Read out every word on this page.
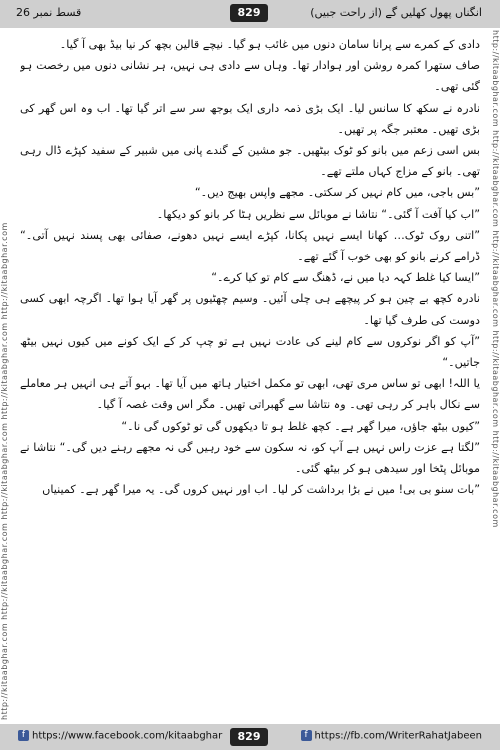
قسط نمبر 26	829	انگناں پھول کھلیں گے (از راحت جبیں)
http://kitaabghar.com http://kitaabghar.com http://kitaabghar.com http://kitaabghar.com http://kitaabghar.com	http://kitaabghar.com http://kitaabghar.com http://kitaabghar.com http://kitaabghar.com http://kitaabghar.com

دادی کے کمرے سے پرانا سامان دنوں میں غائب ہو گیا۔ نیچے قالین بچھ کر نیا بیڈ بھی آ گیا۔

صاف ستھرا کمرہ روشن اور ہوادار تھا۔ وہاں سے دادی ہی نہیں، ہر نشانی دنوں میں رخصت ہو گئی تھی۔

نادرہ نے سکھ کا سانس لیا۔ ایک بڑی ذمہ داری ایک بوجھ سر سے اتر گیا تھا۔ اب وہ اس گھر کی بڑی تھیں۔ معتبر جگہ پر تھیں۔

بس اسی زعم میں بانو کو ٹوک بیٹھیں۔ جو مشین کے گندے پانی میں شبیر کے سفید کپڑے ڈال رہی تھی۔ بانو کے مزاج کہاں ملتے تھے۔

”بس باجی، میں کام نہیں کر سکتی۔ مجھے واپس بھیج دیں۔“

”اب کیا آفت آ گئی۔“ نتاشا نے موبائل سے نظریں ہٹا کر بانو کو دیکھا۔

”اتنی روک ٹوک… کھانا ایسے نہیں پکانا، کپڑے ایسے نہیں دھونے، صفائی بھی پسند نہیں آتی۔“ ڈرامے کرنے بانو کو بھی خوب آ گئے تھے۔

”ایسا کیا غلط کہہ دیا میں نے، ڈھنگ سے کام تو کیا کرے۔“

نادرہ کچھ بے چین ہو کر پیچھے ہی چلی آئیں۔ وسیم چھٹیوں پر گھر آیا ہوا تھا۔ اگرچہ ابھی کسی دوست کی طرف گیا تھا۔

”آپ کو اگر نوکروں سے کام لینے کی عادت نہیں ہے تو چپ کر کے ایک کونے میں کیوں نہیں بیٹھ جاتیں۔“

یا اللہ! ابھی تو ساس مری تھی، ابھی تو مکمل اختیار ہاتھ میں آیا تھا۔ بہو آتے ہی انہیں ہر معاملے سے نکال باہر کر رہی تھی۔ وہ نتاشا سے گھبراتی تھیں۔ مگر اس وقت غصہ آ گیا۔

”کیوں بیٹھ جاؤں، میرا گھر ہے۔ کچھ غلط ہو تا دیکھوں گی تو ٹوکوں گی نا۔“

”لگتا ہے عزت راس نہیں ہے آپ کو، نہ سکون سے خود رہیں گی نہ مجھے رہنے دیں گی۔“ نتاشا نے موبائل پٹخا اور سیدھی ہو کر بیٹھ گئی۔

”بات سنو بی بی! میں نے بڑا برداشت کر لیا۔ اب اور نہیں کروں گی۔ یہ میرا گھر ہے۔ کمینیاں

f https://www.facebook.com/kitaabghar	829	f https://fb.com/WriterRahatJabeen
